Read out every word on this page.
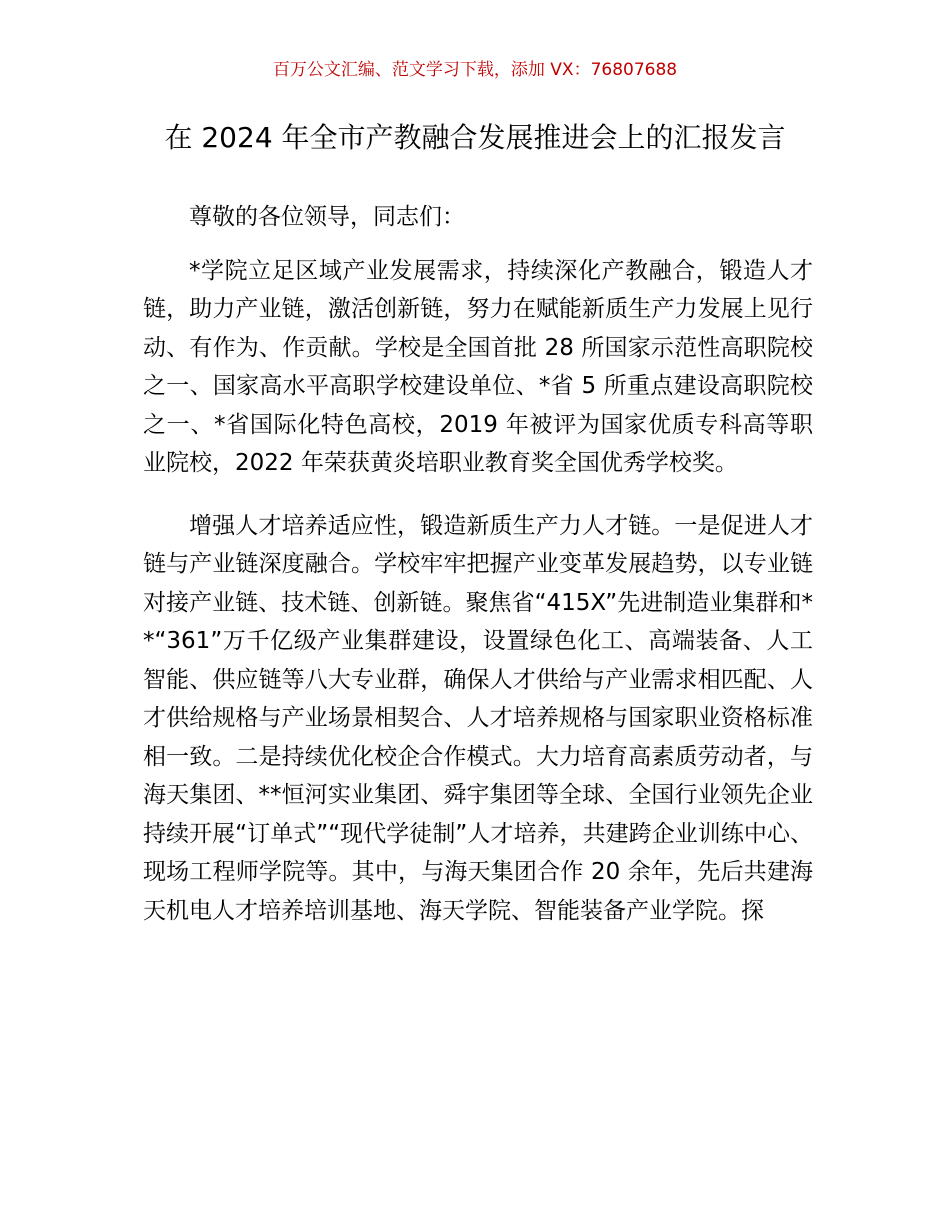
百万公文汇编、范文学习下载，添加 VX：76807688

在 2024 年全市产教融合发展推进会上的汇报发言

尊敬的各位领导，同志们：

*学院立足区域产业发展需求，持续深化产教融合，锻造人才链，助力产业链，激活创新链，努力在赋能新质生产力发展上见行动、有作为、作贡献。学校是全国首批 28 所国家示范性高职院校之一、国家高水平高职学校建设单位、*省 5 所重点建设高职院校之一、*省国际化特色高校，2019 年被评为国家优质专科高等职业院校，2022 年荣获黄炎培职业教育奖全国优秀学校奖。

增强人才培养适应性，锻造新质生产力人才链。一是促进人才链与产业链深度融合。学校牢牢把握产业变革发展趋势，以专业链对接产业链、技术链、创新链。聚焦省“415X”先进制造业集群和**“361”万千亿级产业集群建设，设置绿色化工、高端装备、人工智能、供应链等八大专业群，确保人才供给与产业需求相匹配、人才供给规格与产业场景相契合、人才培养规格与国家职业资格标准相一致。二是持续优化校企合作模式。大力培育高素质劳动者，与海天集团、**恒河实业集团、舜宇集团等全球、全国行业领先企业持续开展“订单式”“现代学徒制”人才培养，共建跨企业训练中心、现场工程师学院等。其中，与海天集团合作 20 余年，先后共建海天机电人才培养培训基地、海天学院、智能装备产业学院。探
